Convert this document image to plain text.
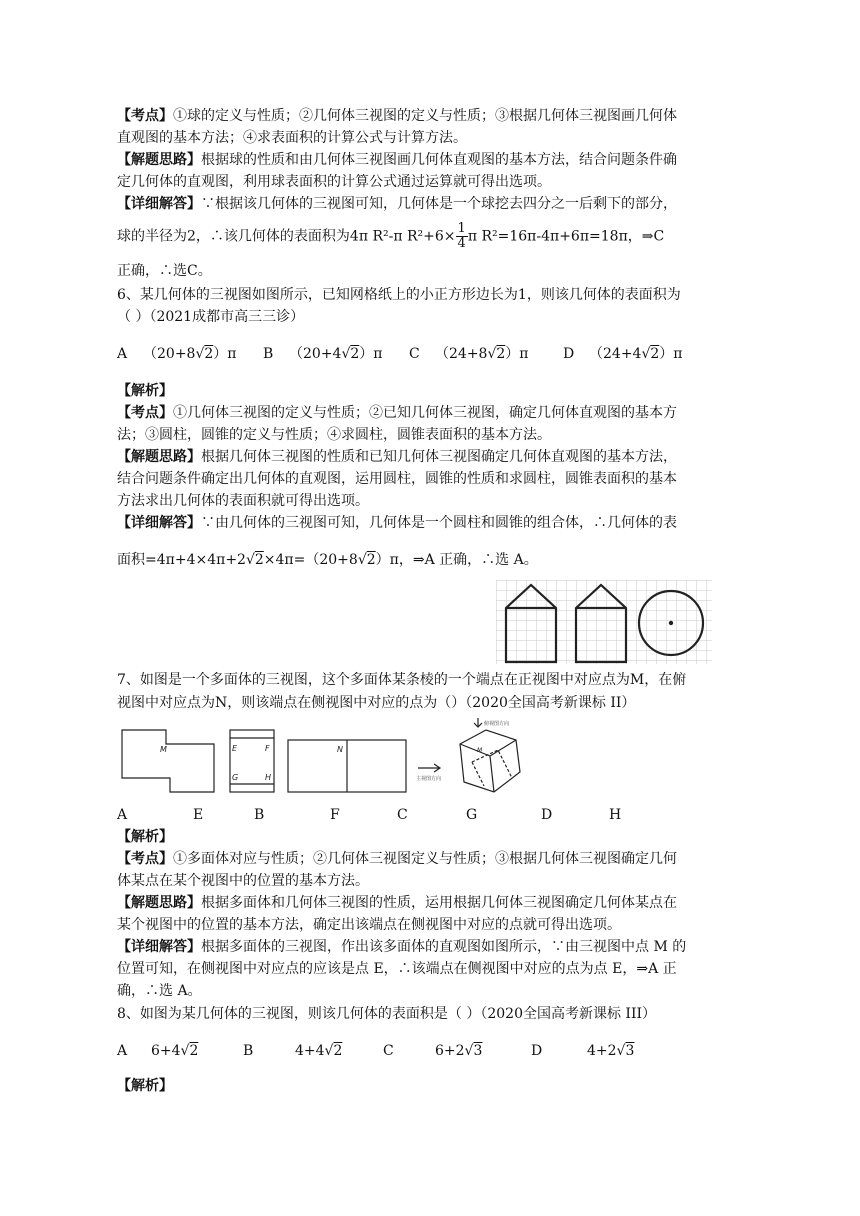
【考点】①球的定义与性质；②几何体三视图的定义与性质；③根据几何体三视图画几何体
直观图的基本方法；④求表面积的计算公式与计算方法。
【解题思路】根据球的性质和由几何体三视图画几何体直观图的基本方法，结合问题条件确
定几何体的直观图，利用球表面积的计算公式通过运算就可得出选项。
【详细解答】∵根据该几何体的三视图可知，几何体是一个球挖去四分之一后剩下的部分，
球的半径为2，∴该几何体的表面积为4π R²-π $R^2+6\times \frac{1}{4}$ π R²=16π-4π+6π=18π，⇒C
正确，∴选C。
6、某几何体的三视图如图所示，已知网格纸上的小正方形边长为1，则该几何体的表面积为
（ ）（2021成都市高三三诊）
A （20+8√2）π B （20+4√2）π C （24+8√2）π D （24+4√2）π
【解析】
【考点】①几何体三视图的定义与性质；②已知几何体三视图，确定几何体直观图的基本方
法；③圆柱，圆锥的定义与性质；④求圆柱，圆锥表面积的基本方法。
【解题思路】根据几何体三视图的性质和已知几何体三视图确定几何体直观图的基本方法，
结合问题条件确定出几何体的直观图，运用圆柱，圆锥的性质和求圆柱，圆锥表面积的基本
方法求出几何体的表面积就可得出选项。
【详细解答】∵由几何体的三视图可知，几何体是一个圆柱和圆锥的组合体，∴几何体的表
面积=4π+4×4π+2√2×4π=（20+8√2）π，⇒A 正确，∴选 A。
7、如图是一个多面体的三视图，这个多面体某条棱的一个端点在正视图中对应点为M，在俯
视图中对应点为N，则该端点在侧视图中对应的点为（）（2020全国高考新课标 II）
M	E	F
G	H
N	M
主视图方向
俯视图方向
A	E	B	F	C	G	D	H
【解析】
【考点】①多面体对应与性质；②几何体三视图定义与性质；③根据几何体三视图确定几何
体某点在某个视图中的位置的基本方法。
【解题思路】根据多面体和几何体三视图的性质，运用根据几何体三视图确定几何体某点在
某个视图中的位置的基本方法，确定出该端点在侧视图中对应的点就可得出选项。
【详细解答】根据多面体的三视图，作出该多面体的直观图如图所示，∵由三视图中点 M 的
位置可知，在侧视图中对应点的应该是点 E，∴该端点在侧视图中对应的点为点 E，⇒A 正
确，∴选 A。
8、如图为某几何体的三视图，则该几何体的表面积是（ ）（2020全国高考新课标 III）
A 6+4√2	B	4+4√2	C	6+2√3	D	4+2√3
【解析】
